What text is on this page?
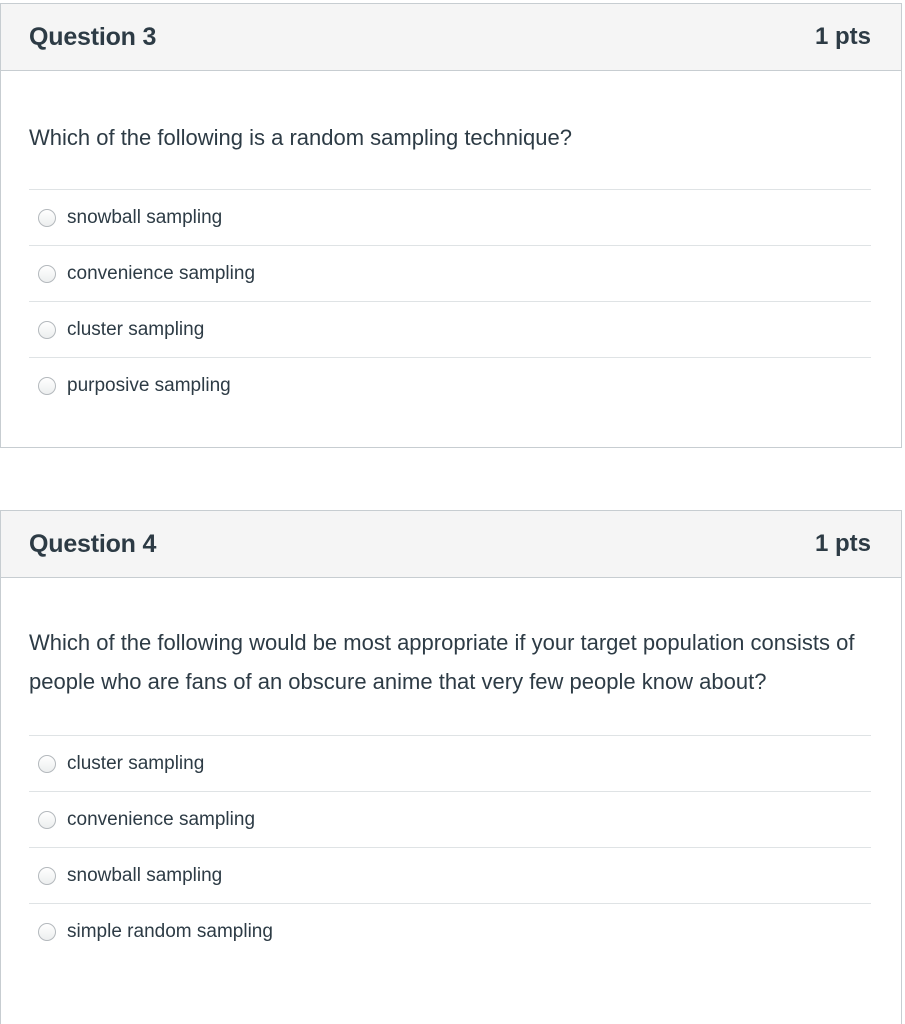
Question 3	1 pts

Which of the following is a random sampling technique?

snowball sampling
convenience sampling
cluster sampling
purposive sampling
Question 4	1 pts

Which of the following would be most appropriate if your target population consists of people who are fans of an obscure anime that very few people know about?

cluster sampling
convenience sampling
snowball sampling
simple random sampling
